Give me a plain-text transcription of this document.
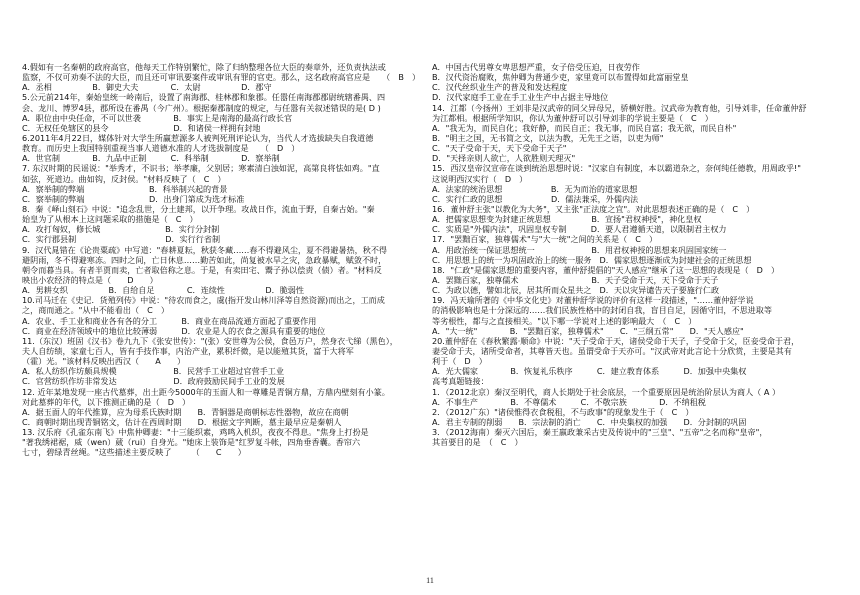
4.假如有一名秦朝的政府高官，他每天工作特别繁忙，除了归纳整理各位大臣的奏章外，还负责执法或
监察，不仅可劝奏不法的大臣，而且还可审讯要案件或审讯有罪的官吏。那么，这名政府高官应是　　（　B　）
A．丞相　　　　　B．御史大夫　　　　C．太尉　　　　　D．郡守
5.公元前214年，秦始皇统一岭南后，设置了南海郡、桂林郡和象郡。任嚣任南海郡郡尉统辖番禺、四
会、龙川、博罗4县，郡所设在番禺（今广州）。根据秦郡制度的规定，与任嚣有关叙述错误的是( D )
A．职位由中央任命，不可以世袭　　　　B．事实上是南海的最高行政长官
C．无权任免辖区的县令　　　　　　　　D．和诸侯一样拥有封地
6.2011年4月22日，媒体针对大学生所赢惹源多人被判死刑评论认为，当代人才选拔缺失自我道德
教育。而历史上我国特别重视当事人道德水准的人才选拔制度是　　（　D　）
A．世官制　　　　B．九品中正制　　　C．科举制　　　　D．察举制
7. 东汉时期的民谣说："举秀才，不识书；举孝廉，父别居；寒素清白浊如泥，高第良将怯如鸡。"直
如弦，死道边。曲如钩，反封侯。"材料反映了（　C　）
A．察举制的弊端　　　　　　　　B．科举制兴起的背景
C．察举制的弊端　　　　　　　　D．出身门第成为选才标准
8．秦《峄山刻石》中说："追念乱世，分土建邦，以开争理。攻战日作，流血于野，自秦古始。"秦
始皇为了从根本上这问题采取的措施是（　C　）
A．攻打匈奴，修长城　　　　　　　　B．实行分封制
C．实行郡县制　　　　　　　　　　　D．实行行省制
9．汉代晁错在《论贵粟疏》中写道："春耕夏耘，秋获冬藏……春不得避风尘，夏不得避暑热，秋不得
避阴雨，冬不得避寒冻。四时之间，亡日休息……勤苦如此，尚复被水旱之灾，急政暴赋，赋敛不时，
朝令而暮当具。有者半贾而卖，亡者取倍称之息。于是，有卖田宅、鬻子孙以偿责（债）者。"材料反
映出小农经济的特点是（　　D　　）
A．男耕女织　　　　　B．自给自足　　　　C．连续性　　　　　D．脆弱性
10.司马迁在《史记．货殖列传》中说："待农而食之，虞(指开发山林川泽等自然资源)而出之，工而成
之，商而通之。"从中不能看出（　C　）
A．农业、手工业和商业各有各的分工　　　B．商业在商品流通方面起了重要作用
C．商业在经济领域中的地位比较薄弱　　　D．农业是人的衣食之源具有重要的地位
11.（东汉）班固《汉书》卷九九下《张安世传》："(张）安世尊为公侯，食邑万户，然身衣弋绨（黑色），
夫人自纺绩，家童七百人，皆有手技作事，内治产业，累积纤微，是以能殖其货，富于大将军
（霍）光。"该材料反映出西汉（　　A　　）
A．私人纺织作坊颇具规模　　　　　　　B．民营手工业超过官营手工业
C．官营纺织作坊非常发达　　　　　　　D．政府鼓励民间手工业的发展
12. 近年某地发现一座古代墓葬，出土距今5000年的玉面人和一尊雕是青铜方鼎，方鼎内壁刻有小篆。
对此墓葬的年代，以下推测正确的是（　D　）
A．据玉面人的年代推算，应为母系氏族时期　　B．青铜器是商朝标志性器物，故应在商朝
C．商朝时期出现青铜铭文，估计在西周时期　　D．根据文字判断，墓主最早应是秦朝人
13. 汉乐府《孔雀东南飞》中焦仲卿妻："十三能织素，鸡鸣入机织，夜夜不得息。"焦身上打扮是
"著我绣裙裾，威（wen）葳（rui）自身光。"她床上装饰是"红罗复斗帐，四角垂香囊。香帘六
七寸，碧绿青丝绳。"这些描述主要反映了　　　（　　C　　）
A．中国古代男尊女卑思想严重，女子倍受压迫，日夜劳作
B．汉代资治腐败，焦仲卿为普通少吏，家里竟可以布置得如此富丽堂皇
C．汉代丝织业生产的普及和发达程度
D．汉代家庭手工业在手工业生产中占据主导地位
14．江都（今扬州）王刘非是汉武帝的同父异母兄，骄横好胜。汉武帝为教育他，引导刘非，任命董仲舒
为江都相。根据所学知识，你认为董仲舒可以引导刘非的学说主要是（　C　）
A．"我无为，而民自化；我好静，而民自正；我无事，而民自富；我无欲，而民自朴"
B．"明主之国，无书简之文，以法为教，无先王之语，以吏为师"
C．"天子受命于天，天下受命于天子"
D．"天择亲则人欲亡，人欲胜则天理灭"
15．西汉皇帝汉宣帝在谈到统治思想时说："汉家自有制度，本以霸道杂之，奈何纯任德教，用周政乎!"
这说明西汉实行（　D　）
A．法家的统治思想　　　　　　B．无为而治的道家思想
C．实行仁政的思想　　　　　　D．儒法兼采，外儒内法
16．董仲舒主张"以教化为大务"，又主张"正法度之宜"。对此思想表述正确的是（　C　）
A．把儒家思想变为封建正统思想　　　　　B．宣扬"君权神授"，神化皇权
C．实质是"外儒内法"，巩固皇权专制　　　D．要人君遵循天道，以限制君主权力
17．"罢黜百家，独尊儒术"与"大一统"之间的关系是（　C　）
A．用政治统一保证思想统一　　　　　　　B．用君权神授的思想来巩固国家统一
C．用思想上的统一为巩固政治上的统一服务　D．儒家思想逐渐成为封建社会的正统思想
18．"仁政"是儒家思想的重要内容，董仲舒提倡的"天人感应"继承了这一思想的表现是（　D　）
A．罢黜百家，独尊儒术　　　　　　　　　B．天子受命于天，天下受命于天子
C．为政以德，譬如北辰，居其所而众星共之　D．天以灾异谴告天子要施行仁政
19．冯天瑜所著的《中华文化史》对董仲舒学说的评价有这样一段描述，"……董仲舒学说
的消极影响也是十分深远的……我们民族性格中的封闭自我，盲目自足，因循守旧，不思进取等
等劣根性，都与之直接相关。"以下哪一学说对上述的影响最大　（　C　）
A．"大一统"　　　　B．"罢黜百家，独尊儒术"　　C．"三纲五常"　　D．"天人感应"
20.董仲舒在《春秋繁露·顺命》中说："天子受命于天，诸侯受命于天子，子受命于父，臣妾受命于君，
妻受命于夫，诸所受命者，其尊皆天也。虽谓受命于天亦可。"汉武帝对此言论十分欣赏，主要是其有
利于（　D　）
A．光大儒家　　　　B．恢复礼乐秩序　　　C．建立教育体系　　　D．加强中央集权
高考真题链接：
1．（2012北京）秦汉至明代，商人长期处于社会底层，一个重要原因是统治阶层认为商人（ A ）
A．不事生产　　　　B．不尊儒术　　　C．不敬宗族　　　　D．不纳租税
2．（2012广东）"诸侯惟得衣食税租，不与政事"的现象发生于（　C　）
A．君主专制的削弱　　B．宗法制的消亡　　C．中央集权的加强　　D．分封制的巩固
3．（2012海南）秦灭六国后，秦王嬴政兼采古史及传说中的"三皇"、"五帝"之名而称"皇帝"，
其首要目的是　（　C　）
11
